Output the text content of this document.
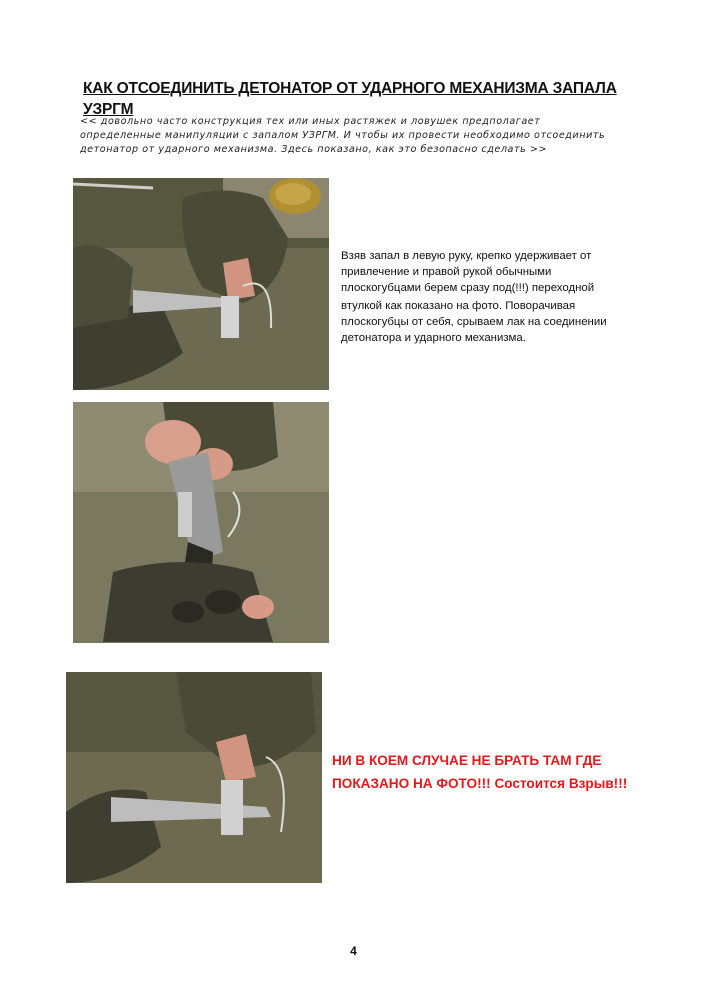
КАК ОТСОЕДИНИТЬ ДЕТОНАТОР ОТ УДАРНОГО МЕХАНИЗМА ЗАПАЛА УЗРГМ
<< довольно часто конструкция тех или иных растяжек и ловушек предполагает определенные манипуляции с запалом УЗРГМ. И чтобы их провести необходимо отсоединить детонатор от ударного механизма. Здесь показано, как это безопасно сделать >>

Взяв запал в левую руку, крепко удерживает от привлечение и правой рукой обычными плоскогубцами берем сразу под(!!!) переходной

втулкой как показано на фото. Поворачивая плоскогубцы от себя, срываем лак на соединении детонатора и ударного механизма.

НИ В КОЕМ СЛУЧАЕ НЕ БРАТЬ ТАМ ГДЕ ПОКАЗАНО НА ФОТО!!! Состоится Взрыв!!!
4
